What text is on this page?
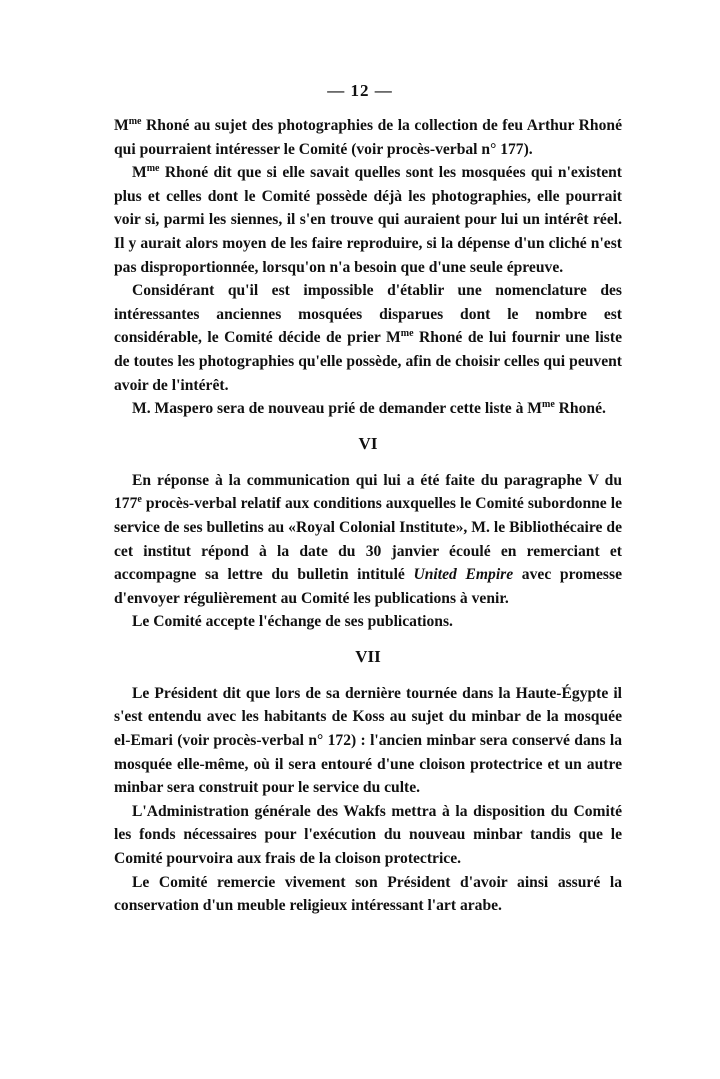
— 12 —

$M^{me}$ Rhoné au sujet des photographies de la collection de feu Arthur Rhoné qui pourraient intéresser le Comité (voir procès-verbal n° 177).

$M^{me}$ Rhoné dit que si elle savait quelles sont les mosquées qui n'existent plus et celles dont le Comité possède déjà les photographies, elle pourrait voir si, parmi les siennes, il s'en trouve qui auraient pour lui un intérêt réel. Il y aurait alors moyen de les faire reproduire, si la dépense d'un cliché n'est pas disproportionnée, lorsqu'on n'a besoin que d'une seule épreuve.

Considérant qu'il est impossible d'établir une nomenclature des intéressantes anciennes mosquées disparues dont le nombre est considérable, le Comité décide de prier $M^{me}$ Rhoné de lui fournir une liste de toutes les photographies qu'elle possède, afin de choisir celles qui peuvent avoir de l'intérêt.

M. Maspero sera de nouveau prié de demander cette liste à $M^{me}$ Rhoné.

VI

En réponse à la communication qui lui a été faite du paragraphe V du 177e procès-verbal relatif aux conditions auxquelles le Comité subordonne le service de ses bulletins au «Royal Colonial Institute», M. le Bibliothécaire de cet institut répond à la date du 30 janvier écoulé en remerciant et accompagne sa lettre du bulletin intitulé United Empire avec promesse d'envoyer régulièrement au Comité les publications à venir.

Le Comité accepte l'échange de ses publications.

VII

Le Président dit que lors de sa dernière tournée dans la Haute-Égypte il s'est entendu avec les habitants de Koss au sujet du minbar de la mosquée el-Emari (voir procès-verbal n° 172) : l'ancien minbar sera conservé dans la mosquée elle-même, où il sera entouré d'une cloison protectrice et un autre minbar sera construit pour le service du culte.

L'Administration générale des Wakfs mettra à la disposition du Comité les fonds nécessaires pour l'exécution du nouveau minbar tandis que le Comité pourvoira aux frais de la cloison protectrice.

Le Comité remercie vivement son Président d'avoir ainsi assuré la conservation d'un meuble religieux intéressant l'art arabe.
